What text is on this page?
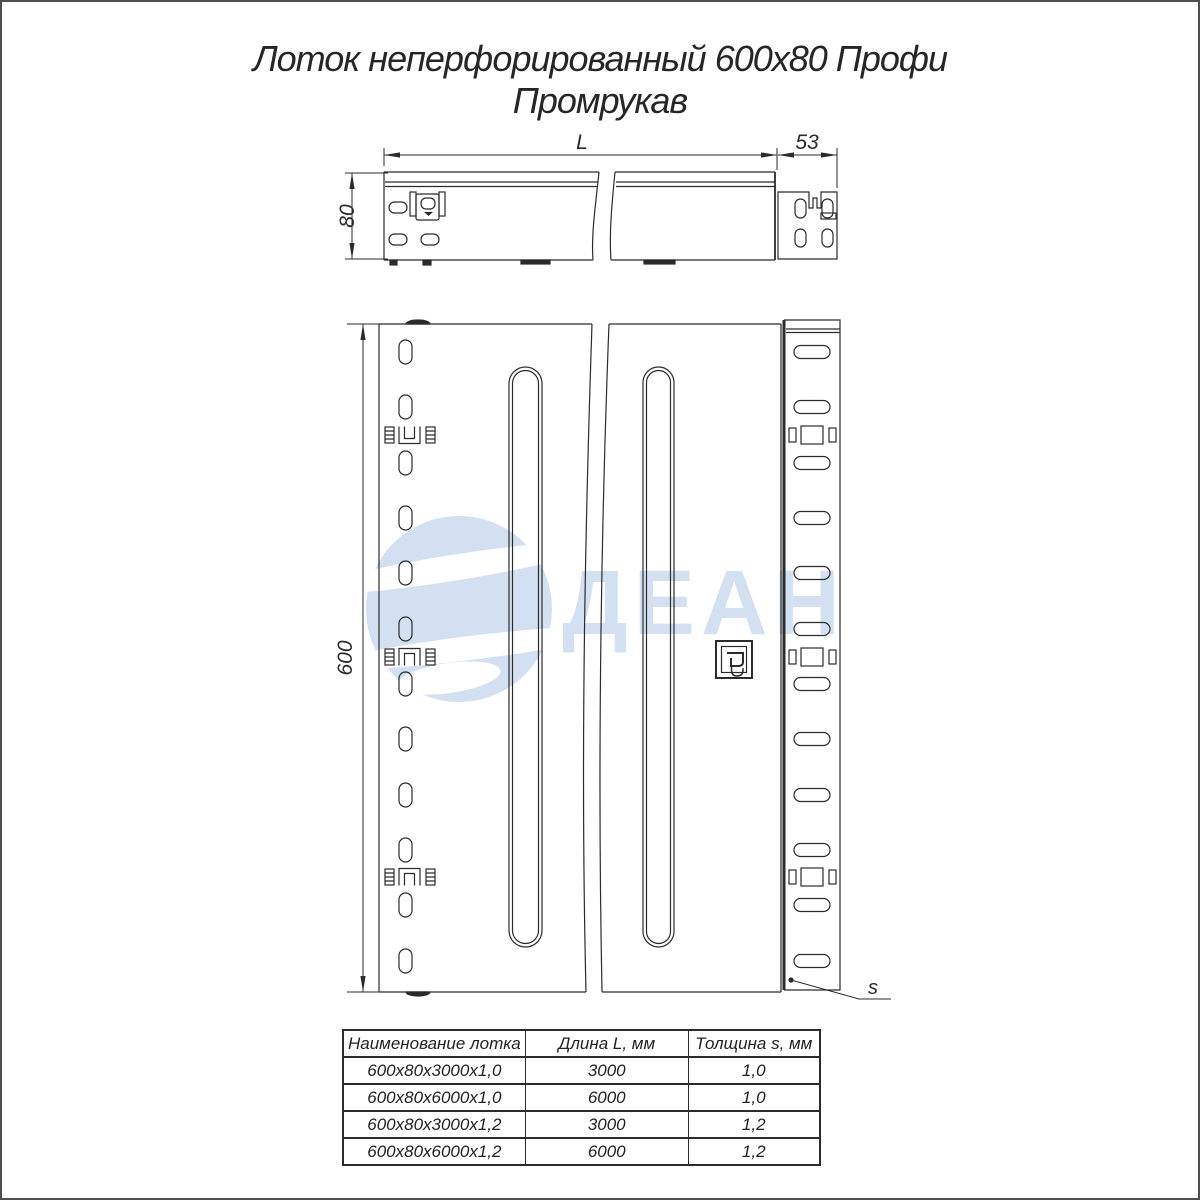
Лоток неперфорированный 600х80 Профи
Промрукав
ДЕАН
L	53
80
600
s
Наименование лотка	Длина L, мм	Толщина s, мм
600х80х3000х1,0	3000	1,0
600х80х6000х1,0	6000	1,0
600х80х3000х1,2	3000	1,2
600х80х6000х1,2	6000	1,2
